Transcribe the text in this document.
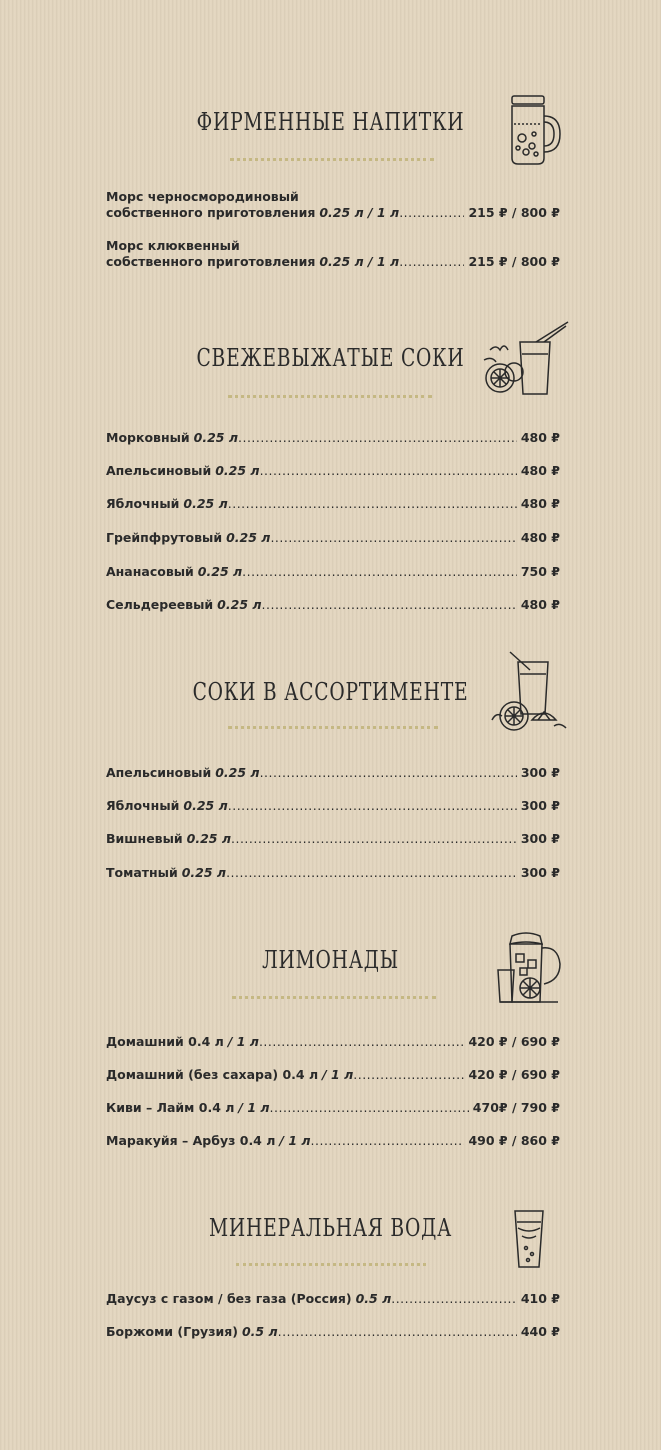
ФИРМЕННЫЕ НАПИТКИ
Морс черносмородиновый
собственного приготовления 0.25 л / 1 л .....	215 ₽ / 800 ₽
Морс клюквенный
собственного приготовления 0.25 л / 1 л .....	215 ₽ / 800 ₽
СВЕЖЕВЫЖАТЫЕ СОКИ
Морковный 0.25 л .....	480 ₽
Апельсиновый 0.25 л .....	480 ₽
Яблочный 0.25 л .....	480 ₽
Грейпфрутовый 0.25 л .....	480 ₽
Ананасовый 0.25 л .....	750 ₽
Сельдереевый 0.25 л .....	480 ₽
СОКИ В АССОРТИМЕНТЕ
Апельсиновый 0.25 л .....	300 ₽
Яблочный 0.25 л .....	300 ₽
Вишневый 0.25 л .....	300 ₽
Томатный 0.25 л .....	300 ₽
ЛИМОНАДЫ
Домашний 0.4 л / 1 л .....	420 ₽ / 690 ₽
Домашний (без сахара) 0.4 л / 1 л .....	420 ₽ / 690 ₽
Киви – Лайм 0.4 л / 1 л .....	470₽ / 790 ₽
Маракуйя – Арбуз 0.4 л / 1 л .....	490 ₽ / 860 ₽
МИНЕРАЛЬНАЯ ВОДА
Даусуз с газом / без газа (Россия) 0.5 л .....	410 ₽
Боржоми (Грузия) 0.5 л .....	440 ₽
